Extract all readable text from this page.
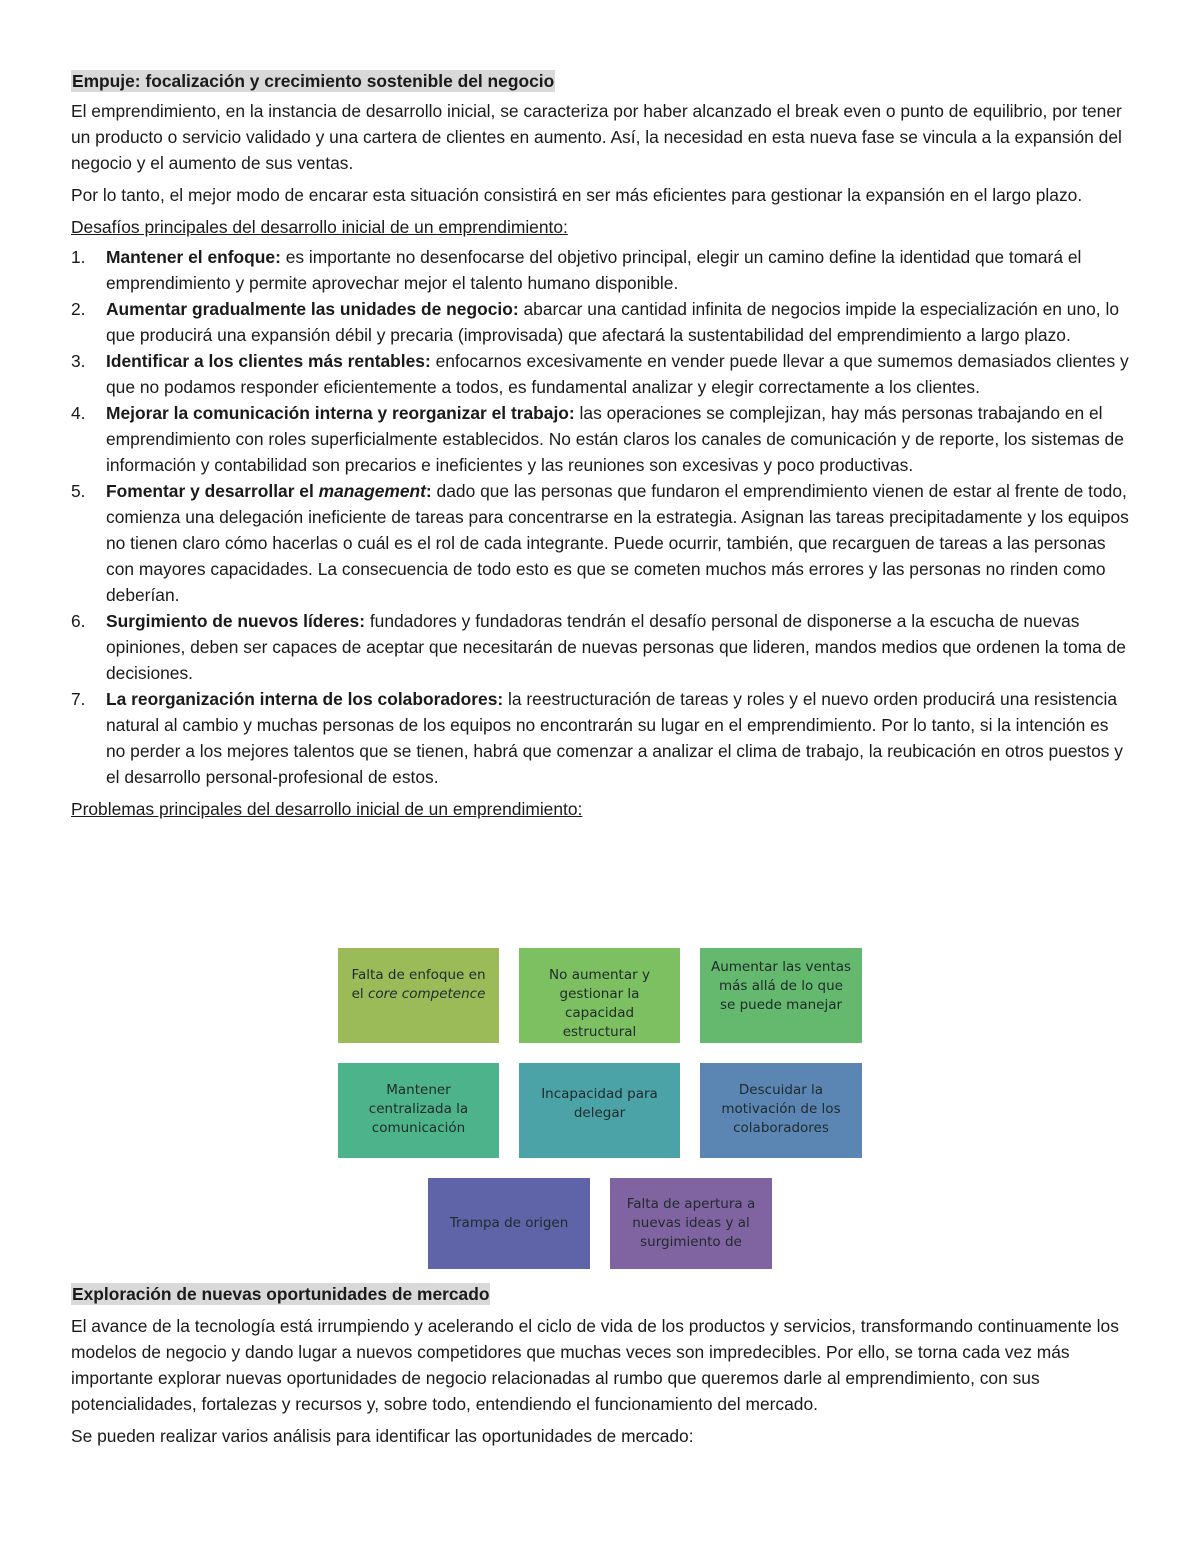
Empuje: focalización y crecimiento sostenible del negocio

El emprendimiento, en la instancia de desarrollo inicial, se caracteriza por haber alcanzado el break even o punto de equilibrio, por tener un producto o servicio validado y una cartera de clientes en aumento. Así, la necesidad en esta nueva fase se vincula a la expansión del negocio y el aumento de sus ventas.

Por lo tanto, el mejor modo de encarar esta situación consistirá en ser más eficientes para gestionar la expansión en el largo plazo.

Desafíos principales del desarrollo inicial de un emprendimiento:

1. Mantener el enfoque: es importante no desenfocarse del objetivo principal, elegir un camino define la identidad que tomará el emprendimiento y permite aprovechar mejor el talento humano disponible.
2. Aumentar gradualmente las unidades de negocio: abarcar una cantidad infinita de negocios impide la especialización en uno, lo que producirá una expansión débil y precaria (improvisada) que afectará la sustentabilidad del emprendimiento a largo plazo.
3. Identificar a los clientes más rentables: enfocarnos excesivamente en vender puede llevar a que sumemos demasiados clientes y que no podamos responder eficientemente a todos, es fundamental analizar y elegir correctamente a los clientes.
4. Mejorar la comunicación interna y reorganizar el trabajo: las operaciones se complejizan, hay más personas trabajando en el emprendimiento con roles superficialmente establecidos. No están claros los canales de comunicación y de reporte, los sistemas de información y contabilidad son precarios e ineficientes y las reuniones son excesivas y poco productivas.
5. Fomentar y desarrollar el management: dado que las personas que fundaron el emprendimiento vienen de estar al frente de todo, comienza una delegación ineficiente de tareas para concentrarse en la estrategia. Asignan las tareas precipitadamente y los equipos no tienen claro cómo hacerlas o cuál es el rol de cada integrante. Puede ocurrir, también, que recarguen de tareas a las personas con mayores capacidades. La consecuencia de todo esto es que se cometen muchos más errores y las personas no rinden como deberían.
6. Surgimiento de nuevos líderes: fundadores y fundadoras tendrán el desafío personal de disponerse a la escucha de nuevas opiniones, deben ser capaces de aceptar que necesitarán de nuevas personas que lideren, mandos medios que ordenen la toma de decisiones.
7. La reorganización interna de los colaboradores: la reestructuración de tareas y roles y el nuevo orden producirá una resistencia natural al cambio y muchas personas de los equipos no encontrarán su lugar en el emprendimiento. Por lo tanto, si la intención es no perder a los mejores talentos que se tienen, habrá que comenzar a analizar el clima de trabajo, la reubicación en otros puestos y el desarrollo personal-profesional de estos.

Problemas principales del desarrollo inicial de un emprendimiento:

Falta de enfoque en el core competence
No aumentar y gestionar la capacidad estructural
Aumentar las ventas más allá de lo que se puede manejar
Mantener centralizada la comunicación
Incapacidad para delegar
Descuidar la motivación de los colaboradores
Trampa de origen
Falta de apertura a nuevas ideas y al surgimiento de

Exploración de nuevas oportunidades de mercado

El avance de la tecnología está irrumpiendo y acelerando el ciclo de vida de los productos y servicios, transformando continuamente los modelos de negocio y dando lugar a nuevos competidores que muchas veces son impredecibles. Por ello, se torna cada vez más importante explorar nuevas oportunidades de negocio relacionadas al rumbo que queremos darle al emprendimiento, con sus potencialidades, fortalezas y recursos y, sobre todo, entendiendo el funcionamiento del mercado.

Se pueden realizar varios análisis para identificar las oportunidades de mercado:
